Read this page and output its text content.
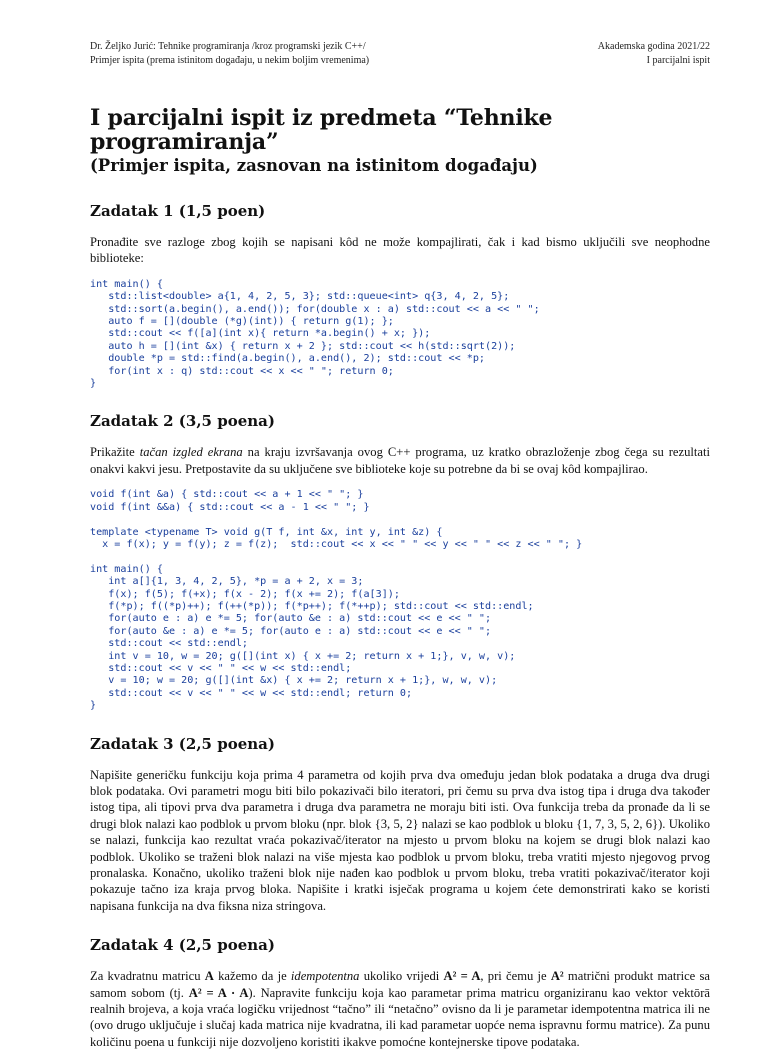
Dr. Željko Jurić: Tehnike programiranja /kroz programski jezik C++/
Primjer ispita (prema istinitom događaju, u nekim boljim vremenima)
Akademska godina 2021/22
I parcijalni ispit
I parcijalni ispit iz predmeta “Tehnike programiranja”
(Primjer ispita, zasnovan na istinitom događaju)
Zadatak 1 (1,5 poen)

Pronađite sve razloge zbog kojih se napisani kôd ne može kompajlirati, čak i kad bismo uključili sve neophodne biblioteke:

int main() {
std::list<double> a{1, 4, 2, 5, 3}; std::queue<int> q{3, 4, 2, 5};
std::sort(a.begin(), a.end()); for(double x : a) std::cout << a << " ";
auto f = [](double (*g)(int)) { return g(1); };
std::cout << f([a](int x){ return *a.begin() + x; });
auto h = [](int &x) { return x + 2 }; std::cout << h(std::sqrt(2));
double *p = std::find(a.begin(), a.end(), 2); std::cout << *p;
for(int x : q) std::cout << x << " "; return 0;
}
Zadatak 2 (3,5 poena)

Prikažite tačan izgled ekrana na kraju izvršavanja ovog C++ programa, uz kratko obrazloženje zbog čega su rezultati onakvi kakvi jesu. Pretpostavite da su uključene sve biblioteke koje su potrebne da bi se ovaj kôd kompajlirao.

void f(int &a) { std::cout << a + 1 << " "; }
void f(int &&a) { std::cout << a - 1 << " "; }

template <typename T> void g(T f, int &x, int y, int &z) {
x = f(x); y = f(y); z = f(z);  std::cout << x << " " << y << " " << z << " "; }

int main() {
int a[]{1, 3, 4, 2, 5}, *p = a + 2, x = 3;
f(x); f(5); f(+x); f(x - 2); f(x += 2); f(a[3]);
f(*p); f((*p)++); f(++(*p)); f(*p++); f(*++p); std::cout << std::endl;
for(auto e : a) e *= 5; for(auto &e : a) std::cout << e << " ";
for(auto &e : a) e *= 5; for(auto e : a) std::cout << e << " ";
std::cout << std::endl;
int v = 10, w = 20; g([](int x) { x += 2; return x + 1;}, v, w, v);
std::cout << v << " " << w << std::endl;
v = 10; w = 20; g([](int &x) { x += 2; return x + 1;}, w, w, v);
std::cout << v << " " << w << std::endl; return 0;
}
Zadatak 3 (2,5 poena)

Napišite generičku funkciju koja prima 4 parametra od kojih prva dva omeđuju jedan blok podataka a druga dva drugi blok podataka. Ovi parametri mogu biti bilo pokazivači bilo iteratori, pri čemu su prva dva istog tipa i druga dva također istog tipa, ali tipovi prva dva parametra i druga dva parametra ne moraju biti isti. Ova funkcija treba da pronađe da li se drugi blok nalazi kao podblok u prvom bloku (npr. blok {3, 5, 2} nalazi se kao podblok u bloku {1, 7, 3, 5, 2, 6}). Ukoliko se nalazi, funkcija kao rezultat vraća pokazivač/iterator na mjesto u prvom bloku na kojem se drugi blok nalazi kao podblok. Ukoliko se traženi blok nalazi na više mjesta kao podblok u prvom bloku, treba vratiti mjesto njegovog prvog pronalaska. Konačno, ukoliko traženi blok nije nađen kao podblok u prvom bloku, treba vratiti pokazivač/iterator koji pokazuje tačno iza kraja prvog bloka. Napišite i kratki isječak programa u kojem ćete demonstrirati kako se koristi napisana funkcija na dva fiksna niza stringova.

Zadatak 4 (2,5 poena)

Za kvadratnu matricu A kažemo da je idempotentna ukoliko vrijedi A² = A, pri čemu je A² matrični produkt matrice sa samom sobom (tj. A² = A · A). Napravite funkciju koja kao parametar prima matricu organiziranu kao vektor vektōrā realnih brojeva, a koja vraća logičku vrijednost “tačno” ili “netačno” ovisno da li je parametar idempotentna matrica ili ne (ovo drugo uključuje i slučaj kada matrica nije kvadratna, ili kad parametar uopće nema ispravnu formu matrice). Za punu količinu poena u funkciji nije dozvoljeno koristiti ikakve pomoćne kontejnerske tipove podataka.
